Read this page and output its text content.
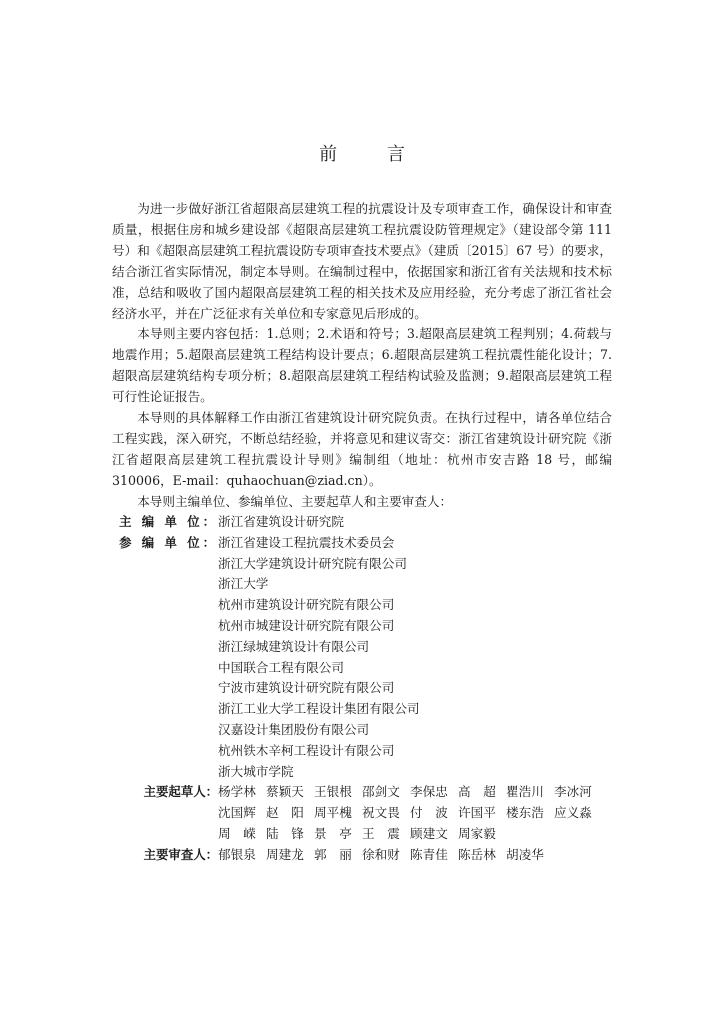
前 言

为进一步做好浙江省超限高层建筑工程的抗震设计及专项审查工作，确保设计和审查质量，根据住房和城乡建设部《超限高层建筑工程抗震设防管理规定》（建设部令第 111 号）和《超限高层建筑工程抗震设防专项审查技术要点》（建质〔2015〕67 号）的要求，结合浙江省实际情况，制定本导则。在编制过程中，依据国家和浙江省有关法规和技术标准，总结和吸收了国内超限高层建筑工程的相关技术及应用经验，充分考虑了浙江省社会经济水平，并在广泛征求有关单位和专家意见后形成的。

本导则主要内容包括：1.总则；2.术语和符号；3.超限高层建筑工程判别；4.荷载与地震作用；5.超限高层建筑工程结构设计要点；6.超限高层建筑工程抗震性能化设计；7.超限高层建筑结构专项分析；8.超限高层建筑工程结构试验及监测；9.超限高层建筑工程可行性论证报告。

本导则的具体解释工作由浙江省建筑设计研究院负责。在执行过程中，请各单位结合工程实践，深入研究，不断总结经验，并将意见和建议寄交：浙江省建筑设计研究院《浙江省超限高层建筑工程抗震设计导则》编制组（地址：杭州市安吉路 18 号，邮编 310006，E-mail：quhaochuan@ziad.cn）。

本导则主编单位、参编单位、主要起草人和主要审查人：

主 编 单 位： 浙江省建筑设计研究院
参 编 单 位： 浙江省建设工程抗震技术委员会
浙江大学建筑设计研究院有限公司
浙江大学
杭州市建筑设计研究院有限公司
杭州市城建设计研究院有限公司
浙江绿城建筑设计有限公司
中国联合工程有限公司
宁波市建筑设计研究院有限公司
浙江工业大学工程设计集团有限公司
汉嘉设计集团股份有限公司
杭州铁木辛柯工程设计有限公司
浙大城市学院
主要起草人： 杨学林 蔡颖天 王银根 邵剑文 李保忠 高　超 瞿浩川 李冰河
沈国辉 赵　阳 周平槐 祝文畏 付　波 许国平 楼东浩 应义淼
周　嵘 陆　锋 景　亭 王　震 顾建文 周家毅
主要审查人： 郁银泉 周建龙 郭　丽 徐和财 陈青佳 陈岳林 胡凌华
